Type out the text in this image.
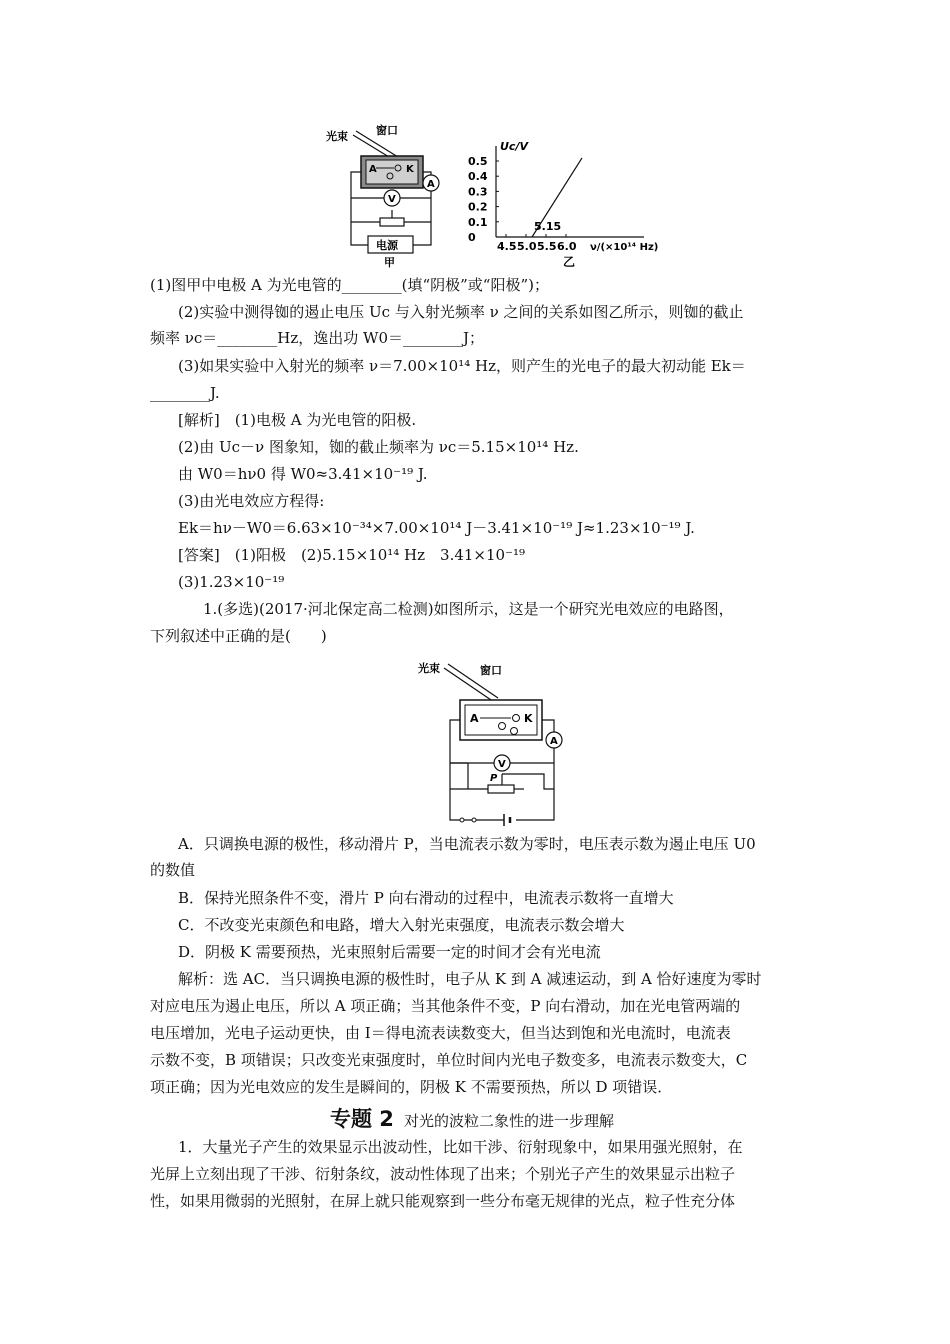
光束	窗口
A	K
A
V
电源
甲
Uc/V
0.5
0.4
0.3
0.2
0.1
0
4.5 5.0 5.5 6.0
5.15
ν/(×10¹⁴ Hz)
乙
(1)图甲中电极 A 为光电管的________(填“阴极”或“阳极”)；
(2)实验中测得铷的遏止电压 Uc 与入射光频率 ν 之间的关系如图乙所示，则铷的截止
频率 νc＝________Hz，逸出功 W0＝________J；
(3)如果实验中入射光的频率 ν＝7.00×10¹⁴ Hz，则产生的光电子的最大初动能 Ek＝
________J.
[解析]　(1)电极 A 为光电管的阳极.
(2)由 Uc－ν 图象知，铷的截止频率为 νc＝5.15×10¹⁴ Hz.
由 W0＝hν0 得 W0≈3.41×10⁻¹⁹ J.
(3)由光电效应方程得:
Ek＝hν－W0＝6.63×10⁻³⁴×7.00×10¹⁴ J－3.41×10⁻¹⁹ J≈1.23×10⁻¹⁹ J.
[答案]　(1)阳极　(2)5.15×10¹⁴ Hz　3.41×10⁻¹⁹
(3)1.23×10⁻¹⁹
1.(多选)(2017·河北保定高二检测)如图所示，这是一个研究光电效应的电路图，
下列叙述中正确的是(　　)
光束	窗口
A	K
A
V
P
A．只调换电源的极性，移动滑片 P，当电流表示数为零时，电压表示数为遏止电压 U0
的数值
B．保持光照条件不变，滑片 P 向右滑动的过程中，电流表示数将一直增大
C．不改变光束颜色和电路，增大入射光束强度，电流表示数会增大
D．阴极 K 需要预热，光束照射后需要一定的时间才会有光电流
解析：选 AC．当只调换电源的极性时，电子从 K 到 A 减速运动，到 A 恰好速度为零时
对应电压为遏止电压，所以 A 项正确；当其他条件不变，P 向右滑动，加在光电管两端的
电压增加，光电子运动更快，由 I＝得电流表读数变大，但当达到饱和光电流时，电流表
示数不变，B 项错误；只改变光束强度时，单位时间内光电子数变多，电流表示数变大，C
项正确；因为光电效应的发生是瞬间的，阴极 K 不需要预热，所以 D 项错误．
专题 2 对光的波粒二象性的进一步理解
1．大量光子产生的效果显示出波动性，比如干涉、衍射现象中，如果用强光照射，在
光屏上立刻出现了干涉、衍射条纹，波动性体现了出来；个别光子产生的效果显示出粒子
性，如果用微弱的光照射，在屏上就只能观察到一些分布毫无规律的光点，粒子性充分体
